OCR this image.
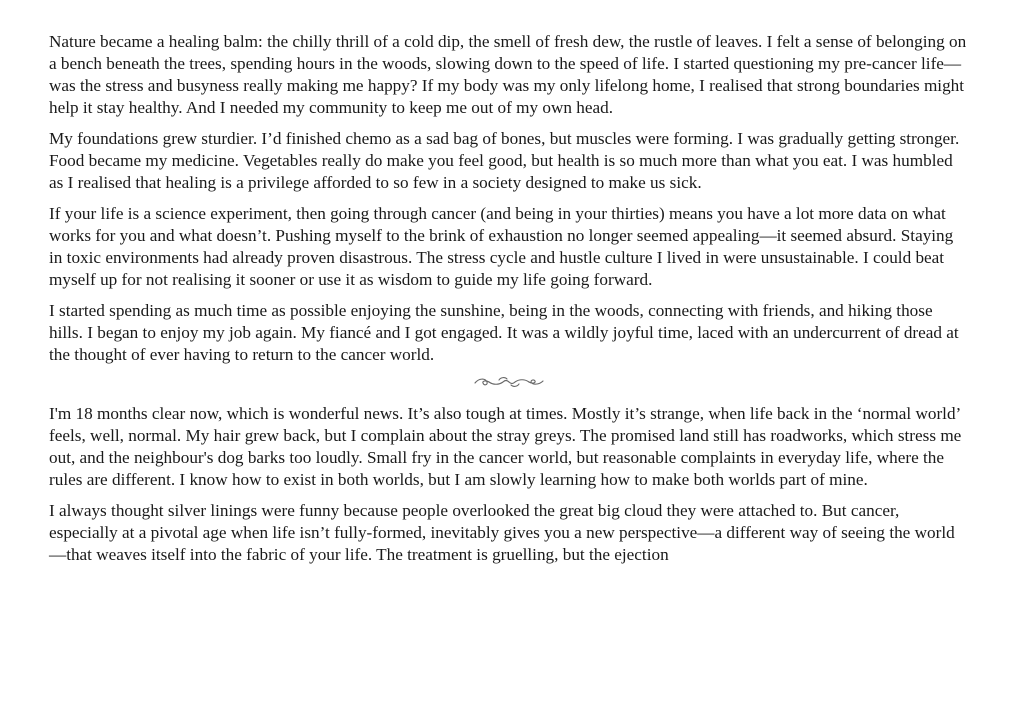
Nature became a healing balm: the chilly thrill of a cold dip, the smell of fresh dew, the rustle of leaves. I felt a sense of belonging on a bench beneath the trees, spending hours in the woods, slowing down to the speed of life. I started questioning my pre-cancer life—was the stress and busyness really making me happy? If my body was my only lifelong home, I realised that strong boundaries might help it stay healthy. And I needed my community to keep me out of my own head.

My foundations grew sturdier. I’d finished chemo as a sad bag of bones, but muscles were forming. I was gradually getting stronger. Food became my medicine. Vegetables really do make you feel good, but health is so much more than what you eat. I was humbled as I realised that healing is a privilege afforded to so few in a society designed to make us sick.

If your life is a science experiment, then going through cancer (and being in your thirties) means you have a lot more data on what works for you and what doesn’t. Pushing myself to the brink of exhaustion no longer seemed appealing—it seemed absurd. Staying in toxic environments had already proven disastrous. The stress cycle and hustle culture I lived in were unsustainable. I could beat myself up for not realising it sooner or use it as wisdom to guide my life going forward.

I started spending as much time as possible enjoying the sunshine, being in the woods, connecting with friends, and hiking those hills. I began to enjoy my job again. My fiancé and I got engaged. It was a wildly joyful time, laced with an undercurrent of dread at the thought of ever having to return to the cancer world.

I'm 18 months clear now, which is wonderful news. It’s also tough at times. Mostly it’s strange, when life back in the ‘normal world’ feels, well, normal. My hair grew back, but I complain about the stray greys. The promised land still has roadworks, which stress me out, and the neighbour's dog barks too loudly. Small fry in the cancer world, but reasonable complaints in everyday life, where the rules are different. I know how to exist in both worlds, but I am slowly learning how to make both worlds part of mine.

I always thought silver linings were funny because people overlooked the great big cloud they were attached to. But cancer, especially at a pivotal age when life isn’t fully-formed, inevitably gives you a new perspective—a different way of seeing the world—that weaves itself into the fabric of your life. The treatment is gruelling, but the ejection
